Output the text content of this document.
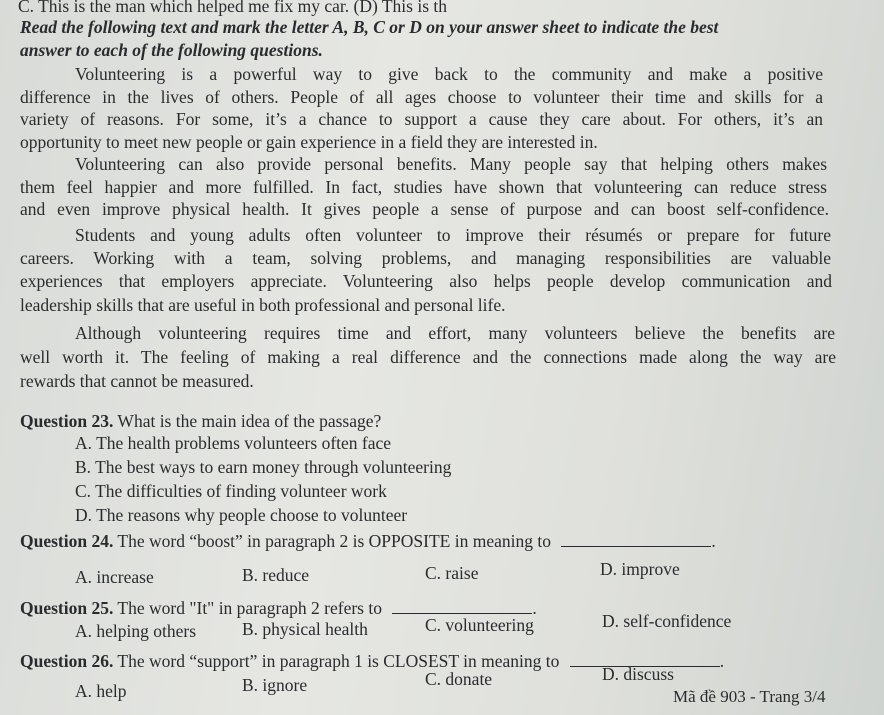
C. This is the man which helped me fix my car. (D) This is th
Read the following text and mark the letter A, B, C or D on your answer sheet to indicate the best
answer to each of the following questions.
Volunteering is a powerful way to give back to the community and make a positive
difference in the lives of others. People of all ages choose to volunteer their time and skills for a
variety of reasons. For some, it’s a chance to support a cause they care about. For others, it’s an
opportunity to meet new people or gain experience in a field they are interested in.
Volunteering can also provide personal benefits. Many people say that helping others makes
them feel happier and more fulfilled. In fact, studies have shown that volunteering can reduce stress
and even improve physical health. It gives people a sense of purpose and can boost self-confidence.
Students and young adults often volunteer to improve their résumés or prepare for future
careers. Working with a team, solving problems, and managing responsibilities are valuable
experiences that employers appreciate. Volunteering also helps people develop communication and
leadership skills that are useful in both professional and personal life.
Although volunteering requires time and effort, many volunteers believe the benefits are
well worth it. The feeling of making a real difference and the connections made along the way are
rewards that cannot be measured.
Question 23. What is the main idea of the passage?
A. The health problems volunteers often face
B. The best ways to earn money through volunteering
C. The difficulties of finding volunteer work
D. The reasons why people choose to volunteer
Question 24. The word “boost” in paragraph 2 is OPPOSITE in meaning to	.
A. increase	B. reduce	C. raise	D. improve
Question 25. The word "It" in paragraph 2 refers to	.
A. helping others	B. physical health	C. volunteering	D. self-confidence
Question 26. The word “support” in paragraph 1 is CLOSEST in meaning to	.
A. help	B. ignore	C. donate	D. discuss
Mã đề 903 - Trang 3/4
